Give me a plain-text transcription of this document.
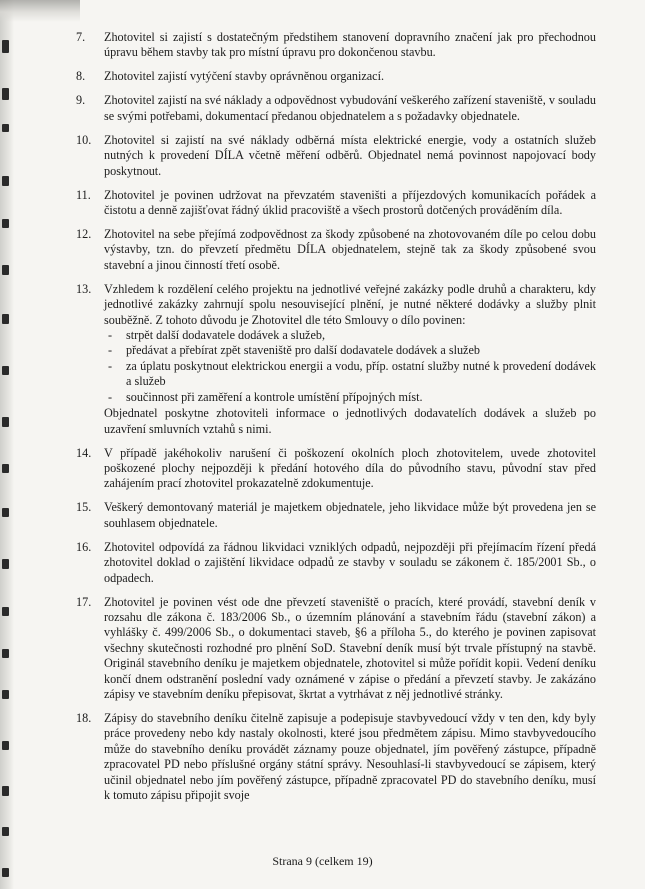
7.	Zhotovitel si zajistí s dostatečným předstihem stanovení dopravního značení jak pro přechodnou úpravu během stavby tak pro místní úpravu pro dokončenou stavbu.
8.	Zhotovitel zajistí vytýčení stavby oprávněnou organizací.
9.	Zhotovitel zajistí na své náklady a odpovědnost vybudování veškerého zařízení staveniště, v souladu se svými potřebami, dokumentací předanou objednatelem a s požadavky objednatele.
10.	Zhotovitel si zajistí na své náklady odběrná místa elektrické energie, vody a ostatních služeb nutných k provedení DÍLA včetně měření odběrů. Objednatel nemá povinnost napojovací body poskytnout.
11.	Zhotovitel je povinen udržovat na převzatém staveništi a příjezdových komunikacích pořádek a čistotu a denně zajišťovat řádný úklid pracoviště a všech prostorů dotčených prováděním díla.
12.	Zhotovitel na sebe přejímá zodpovědnost za škody způsobené na zhotovovaném díle po celou dobu výstavby, tzn. do převzetí předmětu DÍLA objednatelem, stejně tak za škody způsobené svou stavební a jinou činností třetí osobě.
13.	Vzhledem k rozdělení celého projektu na jednotlivé veřejné zakázky podle druhů a charakteru, kdy jednotlivé zakázky zahrnují spolu nesouvisející plnění, je nutné některé dodávky a služby plnit souběžně. Z tohoto důvodu je Zhotovitel dle této Smlouvy o dílo povinen:
- strpět další dodavatele dodávek a služeb,
- předávat a přebírat zpět staveniště pro další dodavatele dodávek a služeb
- za úplatu poskytnout elektrickou energii a vodu, příp. ostatní služby nutné k provedení dodávek a služeb
- součinnost při zaměření a kontrole umístění přípojných míst.
Objednatel poskytne zhotoviteli informace o jednotlivých dodavatelích dodávek a služeb po uzavření smluvních vztahů s nimi.
14.	V případě jakéhokoliv narušení či poškození okolních ploch zhotovitelem, uvede zhotovitel poškozené plochy nejpozději k předání hotového díla do původního stavu, původní stav před zahájením prací zhotovitel prokazatelně zdokumentuje.
15.	Veškerý demontovaný materiál je majetkem objednatele, jeho likvidace může být provedena jen se souhlasem objednatele.
16.	Zhotovitel odpovídá za řádnou likvidaci vzniklých odpadů, nejpozději při přejímacím řízení předá zhotovitel doklad o zajištění likvidace odpadů ze stavby v souladu se zákonem č. 185/2001 Sb., o odpadech.
17.	Zhotovitel je povinen vést ode dne převzetí staveniště o pracích, které provádí, stavební deník v rozsahu dle zákona č. 183/2006 Sb., o územním plánování a stavebním řádu (stavební zákon) a vyhlášky č. 499/2006 Sb., o dokumentaci staveb, §6 a příloha 5., do kterého je povinen zapisovat všechny skutečnosti rozhodné pro plnění SoD. Stavební deník musí být trvale přístupný na stavbě. Originál stavebního deníku je majetkem objednatele, zhotovitel si může pořídit kopii. Vedení deníku končí dnem odstranění poslední vady oznámené v zápise o předání a převzetí stavby. Je zakázáno zápisy ve stavebním deníku přepisovat, škrtat a vytrhávat z něj jednotlivé stránky.
18.	Zápisy do stavebního deníku čitelně zapisuje a podepisuje stavbyvedoucí vždy v ten den, kdy byly práce provedeny nebo kdy nastaly okolnosti, které jsou předmětem zápisu. Mimo stavbyvedoucího může do stavebního deníku provádět záznamy pouze objednatel, jím pověřený zástupce, případně zpracovatel PD nebo příslušné orgány státní správy. Nesouhlasí-li stavbyvedoucí se zápisem, který učinil objednatel nebo jím pověřený zástupce, případně zpracovatel PD do stavebního deníku, musí k tomuto zápisu připojit svoje
Strana 9 (celkem 19)
